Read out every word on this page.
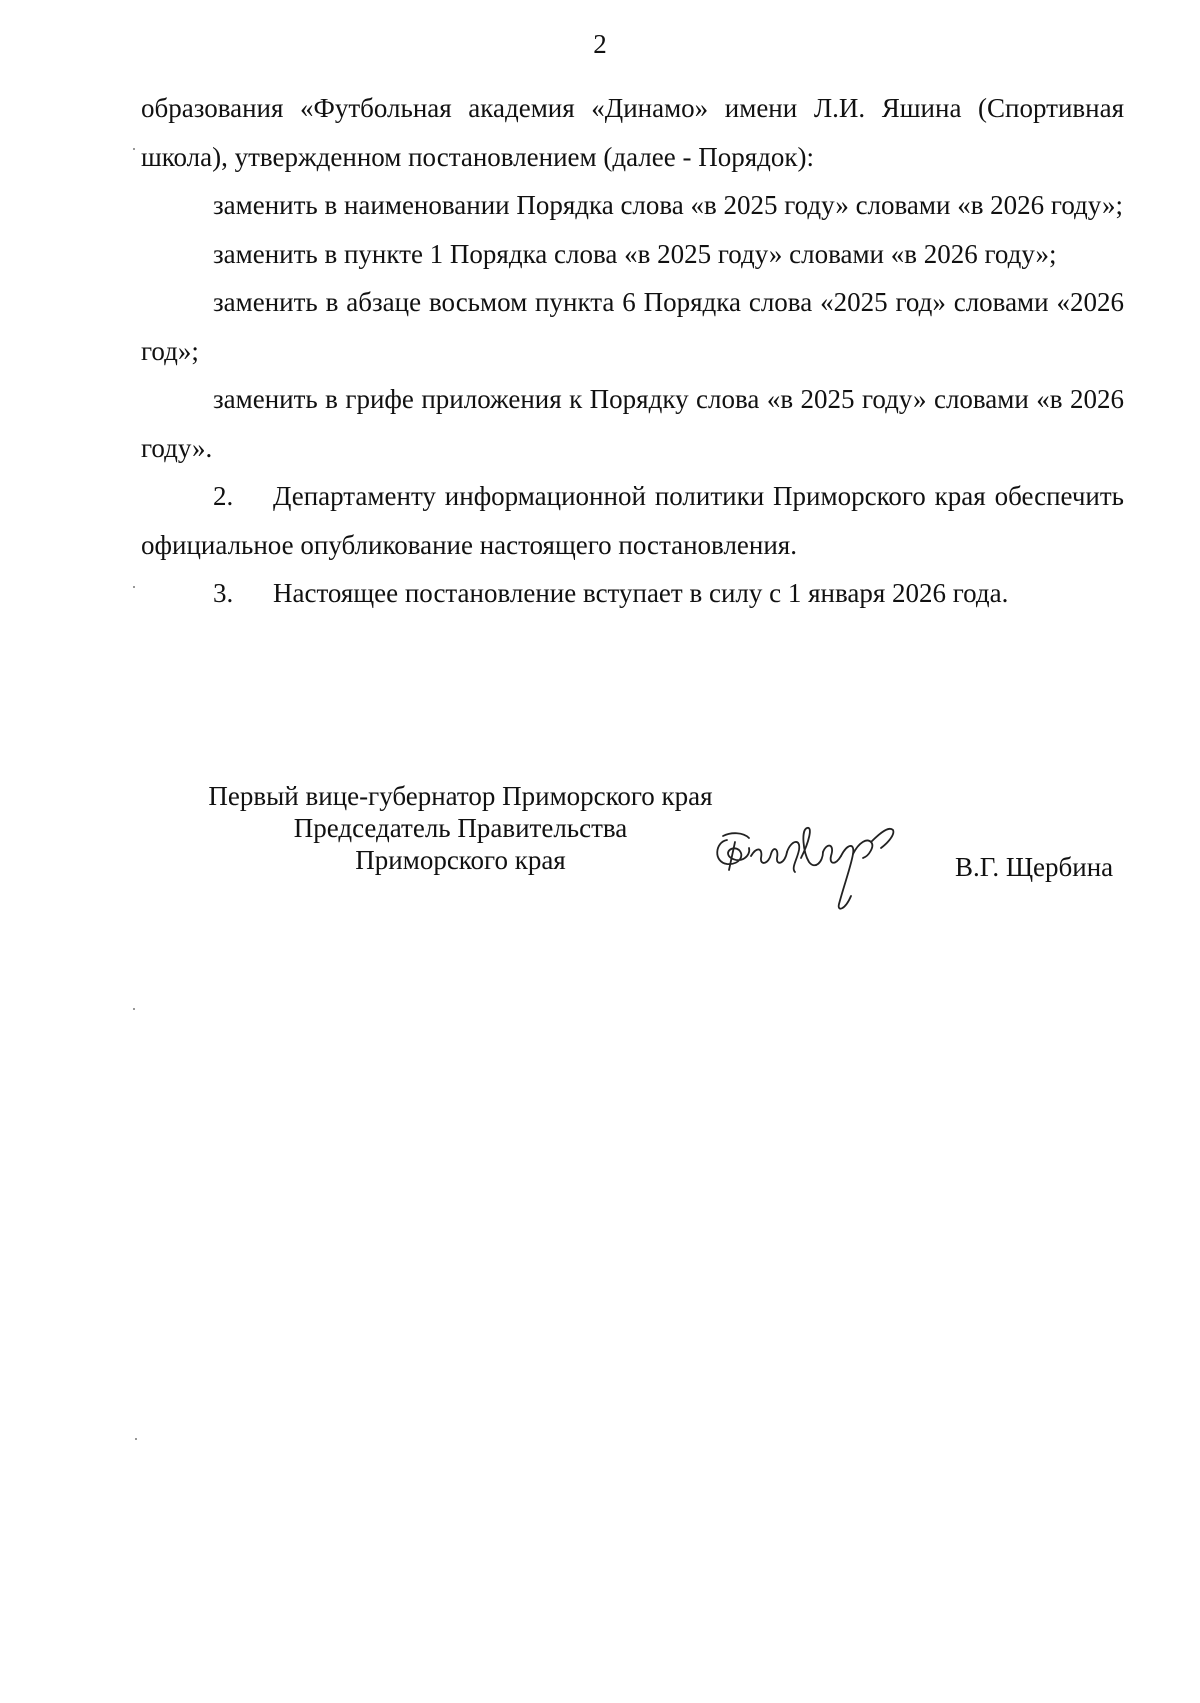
2

образования «Футбольная академия «Динамо» имени Л.И. Яшина (Спортивная школа), утвержденном постановлением (далее - Порядок):

заменить в наименовании Порядка слова «в 2025 году» словами «в 2026 году»;

заменить в пункте 1 Порядка слова «в 2025 году» словами «в 2026 году»;

заменить в абзаце восьмом пункта 6 Порядка слова «2025 год» словами «2026 год»;

заменить в грифе приложения к Порядку слова «в 2025 году» словами «в 2026 году».

2. Департаменту информационной политики Приморского края обеспечить официальное опубликование настоящего постановления.

3. Настоящее постановление вступает в силу с 1 января 2026 года.

Первый вице-губернатор Приморского края
Председатель Правительства
Приморского края	В.Г. Щербина
